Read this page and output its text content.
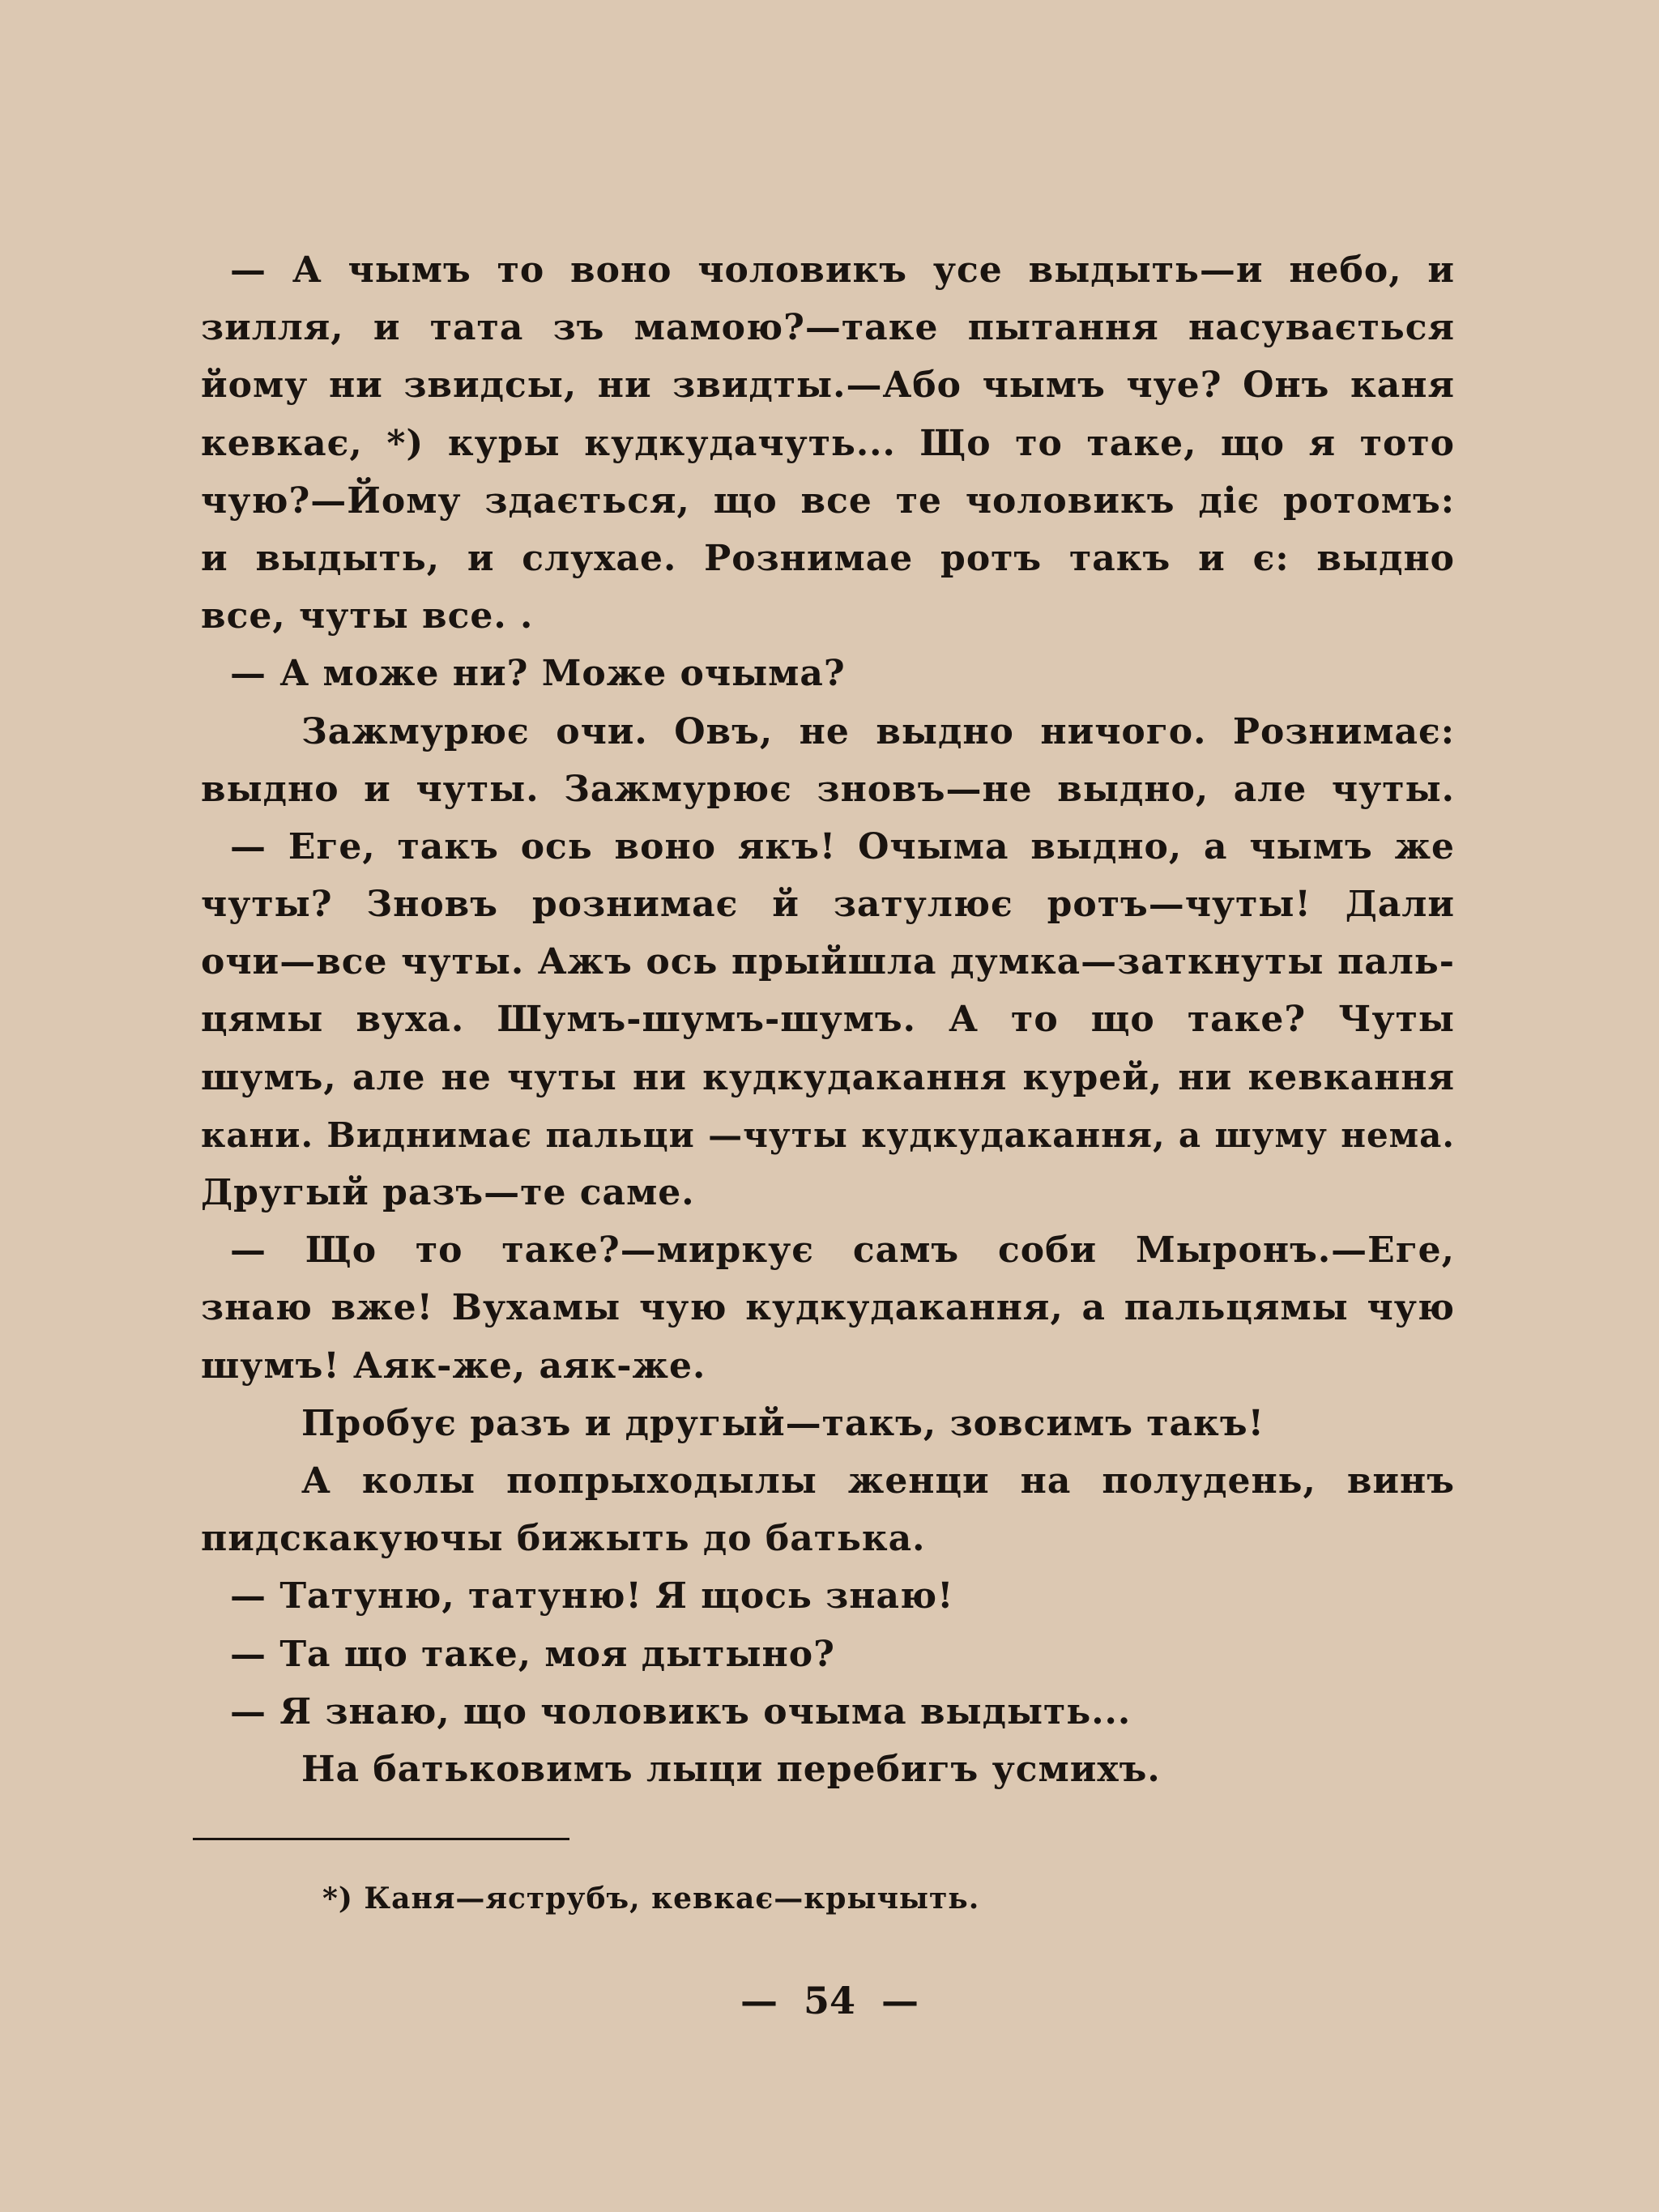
— А чымъ то воно чоловикъ усе выдыть—и небо, и
зилля, и тата зъ мамою?—таке пытання насувається
йому ни звидсы, ни звидты.—Або чымъ чуе? Онъ каня
кевкає, *) куры кудкудачуть... Що то таке, що я тото
чую?—Йому здається, що все те чоловикъ діє ротомъ:
и выдыть, и слухае. Рознимае ротъ такъ и є: выдно
все, чуты все. .
— А може ни? Може очыма?
Зажмурює очи. Овъ, не выдно ничого. Рознимає:
выдно и чуты. Зажмурює зновъ—не выдно, але чуты.
— Еге, такъ ось воно якъ! Очыма выдно, а чымъ же
чуты? Зновъ рознимає й затулює ротъ—чуты! Дали
очи—все чуты. Ажъ ось прыйшла думка—заткнуты паль-
цямы вуха. Шумъ-шумъ-шумъ. А то що таке? Чуты
шумъ, але не чуты ни кудкудакання курей, ни кевкання
кани. Виднимає пальци —чуты кудкудакання, а шуму нема.
Другый разъ—те саме.
— Що то таке?—миркує самъ соби Мыронъ.—Еге,
знаю вже! Вухамы чую кудкудакання, а пальцямы чую
шумъ! Аяк-же, аяк-же.
Пробує разъ и другый—такъ, зовсимъ такъ!
А колы попрыходылы женци на полудень, винъ
пидскакуючы бижыть до батька.
— Татуню, татуню! Я щось знаю!
— Та що таке, моя дытыно?
— Я знаю, що чоловикъ очыма выдыть...
На батьковимъ лыци перебигъ усмихъ.
*) Каня—яструбъ, кевкає—крычыть.
—  54  —
